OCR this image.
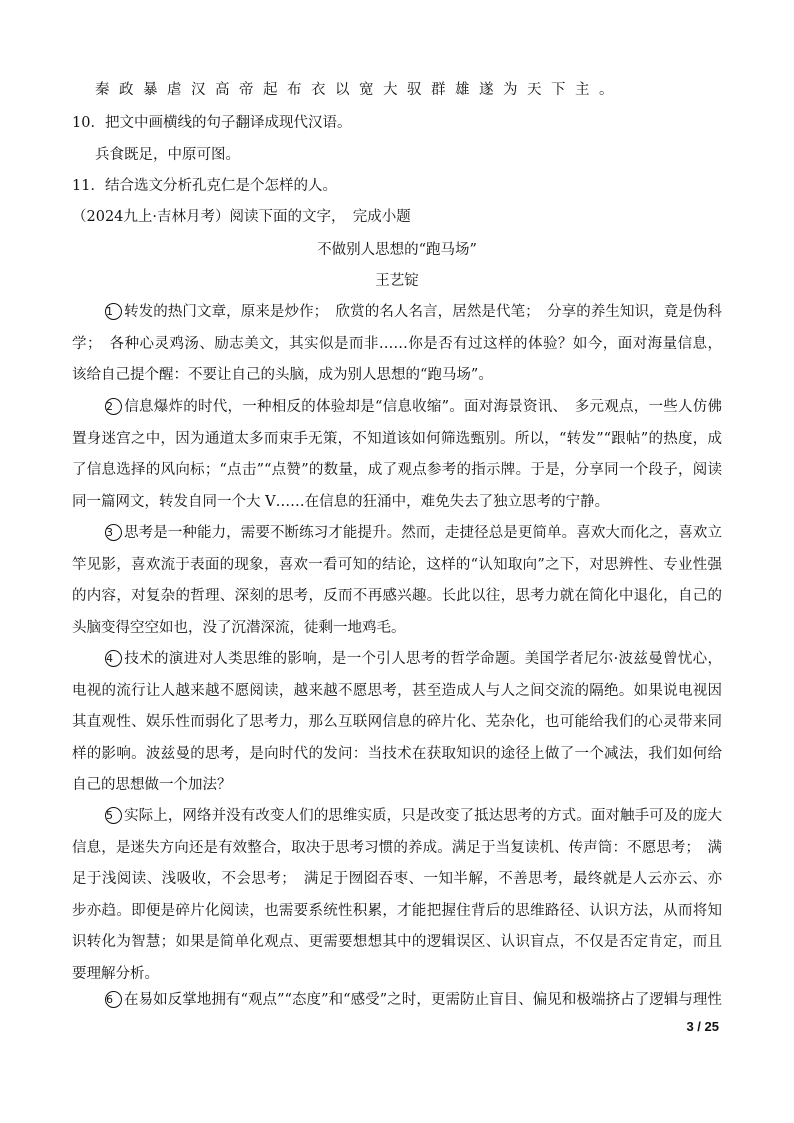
秦政暴虐汉高帝起布衣以宽大驭群雄遂为天下主。
10．把文中画横线的句子翻译成现代汉语。
兵食既足，中原可图。
11．结合选文分析孔克仁是个怎样的人。
（2024九上·吉林月考）阅读下面的文字，　完成小题
不做别人思想的“跑马场”
王艺锭
1 转发的热门文章，原来是炒作；　欣赏的名人名言，居然是代笔；　分享的养生知识，竟是伪科
学；　各种心灵鸡汤、励志美文，其实似是而非……你是否有过这样的体验？如今，面对海量信息，
该给自己提个醒：不要让自己的头脑，成为别人思想的“跑马场”。
2 信息爆炸的时代，一种相反的体验却是“信息收缩”。面对海景资讯、　多元观点，一些人仿佛
置身迷宫之中，因为通道太多而束手无策，不知道该如何筛选甄别。所以，“转发”“跟帖”的热度，成
了信息选择的风向标；“点击”“点赞”的数量，成了观点参考的指示牌。于是，分享同一个段子，阅读
同一篇网文，转发自同一个大 V……在信息的狂涌中，难免失去了独立思考的宁静。
3 思考是一种能力，需要不断练习才能提升。然而，走捷径总是更简单。喜欢大而化之，喜欢立
竿见影，喜欢流于表面的现象，喜欢一看可知的结论，这样的“认知取向”之下，对思辨性、专业性强
的内容，对复杂的哲理、深刻的思考，反而不再感兴趣。长此以往，思考力就在简化中退化，自己的
头脑变得空空如也，没了沉潜深流，徒剩一地鸡毛。
4 技术的演进对人类思维的影响，是一个引人思考的哲学命题。美国学者尼尔·波兹曼曾忧心，
电视的流行让人越来越不愿阅读，越来越不愿思考，甚至造成人与人之间交流的隔绝。如果说电视因
其直观性、娱乐性而弱化了思考力，那么互联网信息的碎片化、芜杂化，也可能给我们的心灵带来同
样的影响。波兹曼的思考，是向时代的发问：当技术在获取知识的途径上做了一个减法，我们如何给
自己的思想做一个加法？
5 实际上，网络并没有改变人们的思维实质，只是改变了抵达思考的方式。面对触手可及的庞大
信息，是迷失方向还是有效整合，取决于思考习惯的养成。满足于当复读机、传声筒：不愿思考；　满
足于浅阅读、浅吸收，不会思考；　满足于囫囵吞枣、一知半解，不善思考，最终就是人云亦云、亦
步亦趋。即便是碎片化阅读，也需要系统性积累，才能把握住背后的思维路径、认识方法，从而将知
识转化为智慧；如果是简单化观点、更需要想想其中的逻辑误区、认识盲点，不仅是否定肯定，而且
要理解分析。
6 在易如反掌地拥有“观点”“态度”和“感受”之时，更需防止盲目、偏见和极端挤占了逻辑与理性
3 / 25
